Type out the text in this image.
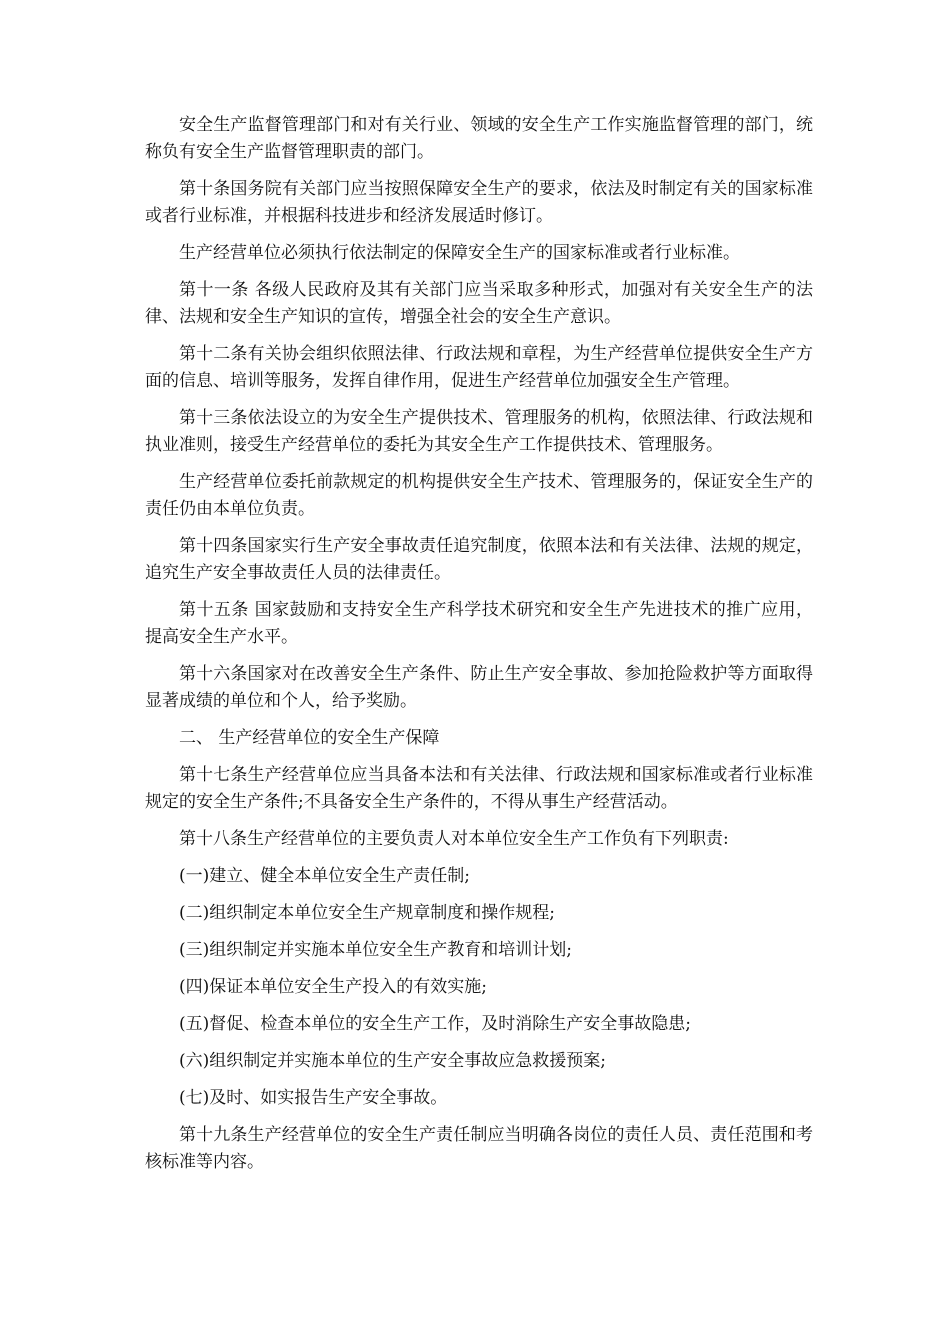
安全生产监督管理部门和对有关行业、领域的安全生产工作实施监督管理的部门，统称负有安全生产监督管理职责的部门。

第十条国务院有关部门应当按照保障安全生产的要求，依法及时制定有关的国家标准或者行业标准，并根据科技进步和经济发展适时修订。

生产经营单位必须执行依法制定的保障安全生产的国家标准或者行业标准。

第十一条 各级人民政府及其有关部门应当采取多种形式，加强对有关安全生产的法律、法规和安全生产知识的宣传，增强全社会的安全生产意识。

第十二条有关协会组织依照法律、行政法规和章程，为生产经营单位提供安全生产方面的信息、培训等服务，发挥自律作用，促进生产经营单位加强安全生产管理。

第十三条依法设立的为安全生产提供技术、管理服务的机构，依照法律、行政法规和执业准则，接受生产经营单位的委托为其安全生产工作提供技术、管理服务。

生产经营单位委托前款规定的机构提供安全生产技术、管理服务的，保证安全生产的责任仍由本单位负责。

第十四条国家实行生产安全事故责任追究制度，依照本法和有关法律、法规的规定，追究生产安全事故责任人员的法律责任。

第十五条 国家鼓励和支持安全生产科学技术研究和安全生产先进技术的推广应用，提高安全生产水平。

第十六条国家对在改善安全生产条件、防止生产安全事故、参加抢险救护等方面取得显著成绩的单位和个人，给予奖励。

二、 生产经营单位的安全生产保障

第十七条生产经营单位应当具备本法和有关法律、行政法规和国家标准或者行业标准规定的安全生产条件;不具备安全生产条件的，不得从事生产经营活动。

第十八条生产经营单位的主要负责人对本单位安全生产工作负有下列职责:

(一)建立、健全本单位安全生产责任制;

(二)组织制定本单位安全生产规章制度和操作规程;

(三)组织制定并实施本单位安全生产教育和培训计划;

(四)保证本单位安全生产投入的有效实施;

(五)督促、检查本单位的安全生产工作，及时消除生产安全事故隐患;

(六)组织制定并实施本单位的生产安全事故应急救援预案;

(七)及时、如实报告生产安全事故。

第十九条生产经营单位的安全生产责任制应当明确各岗位的责任人员、责任范围和考核标准等内容。
